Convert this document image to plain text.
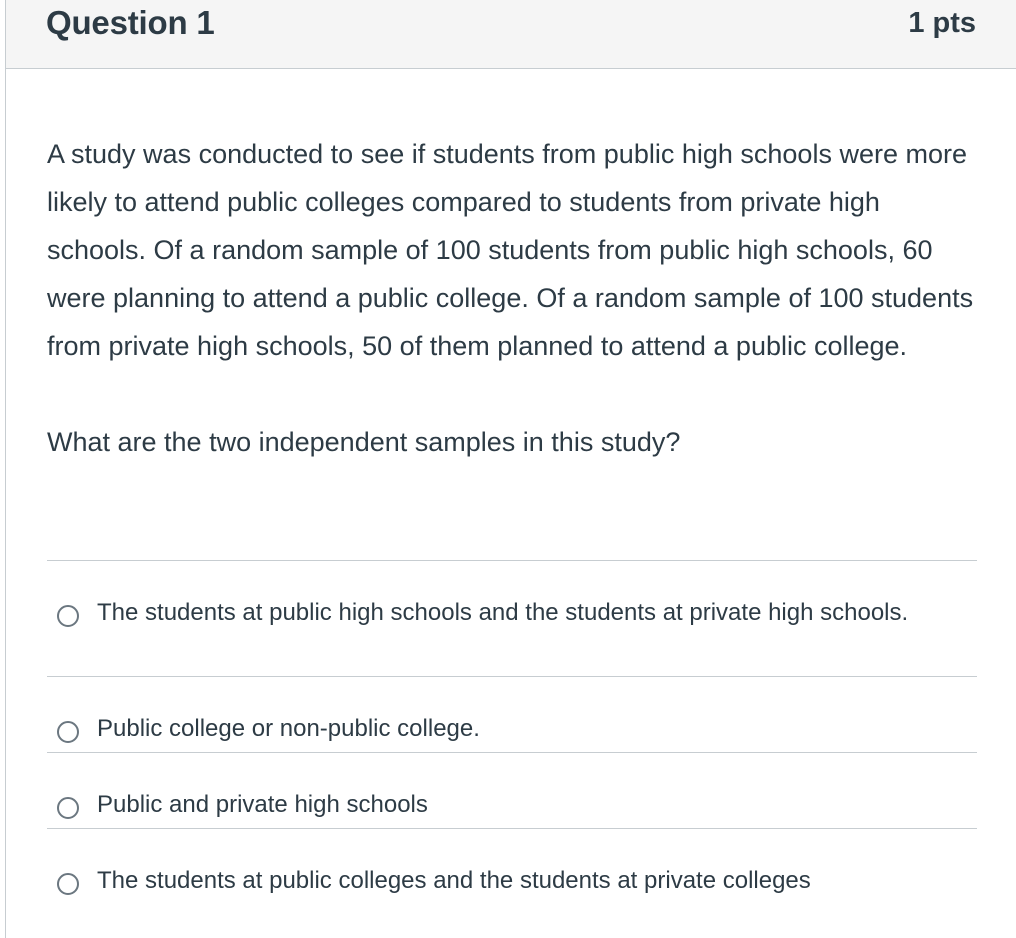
Question 1	1 pts

A study was conducted to see if students from public high schools were more likely to attend public colleges compared to students from private high schools. Of a random sample of 100 students from public high schools, 60 were planning to attend a public college. Of a random sample of 100 students from private high schools, 50 of them planned to attend a public college.

What are the two independent samples in this study?

The students at public high schools and the students at private high schools.
Public college or non-public college.
Public and private high schools
The students at public colleges and the students at private colleges
